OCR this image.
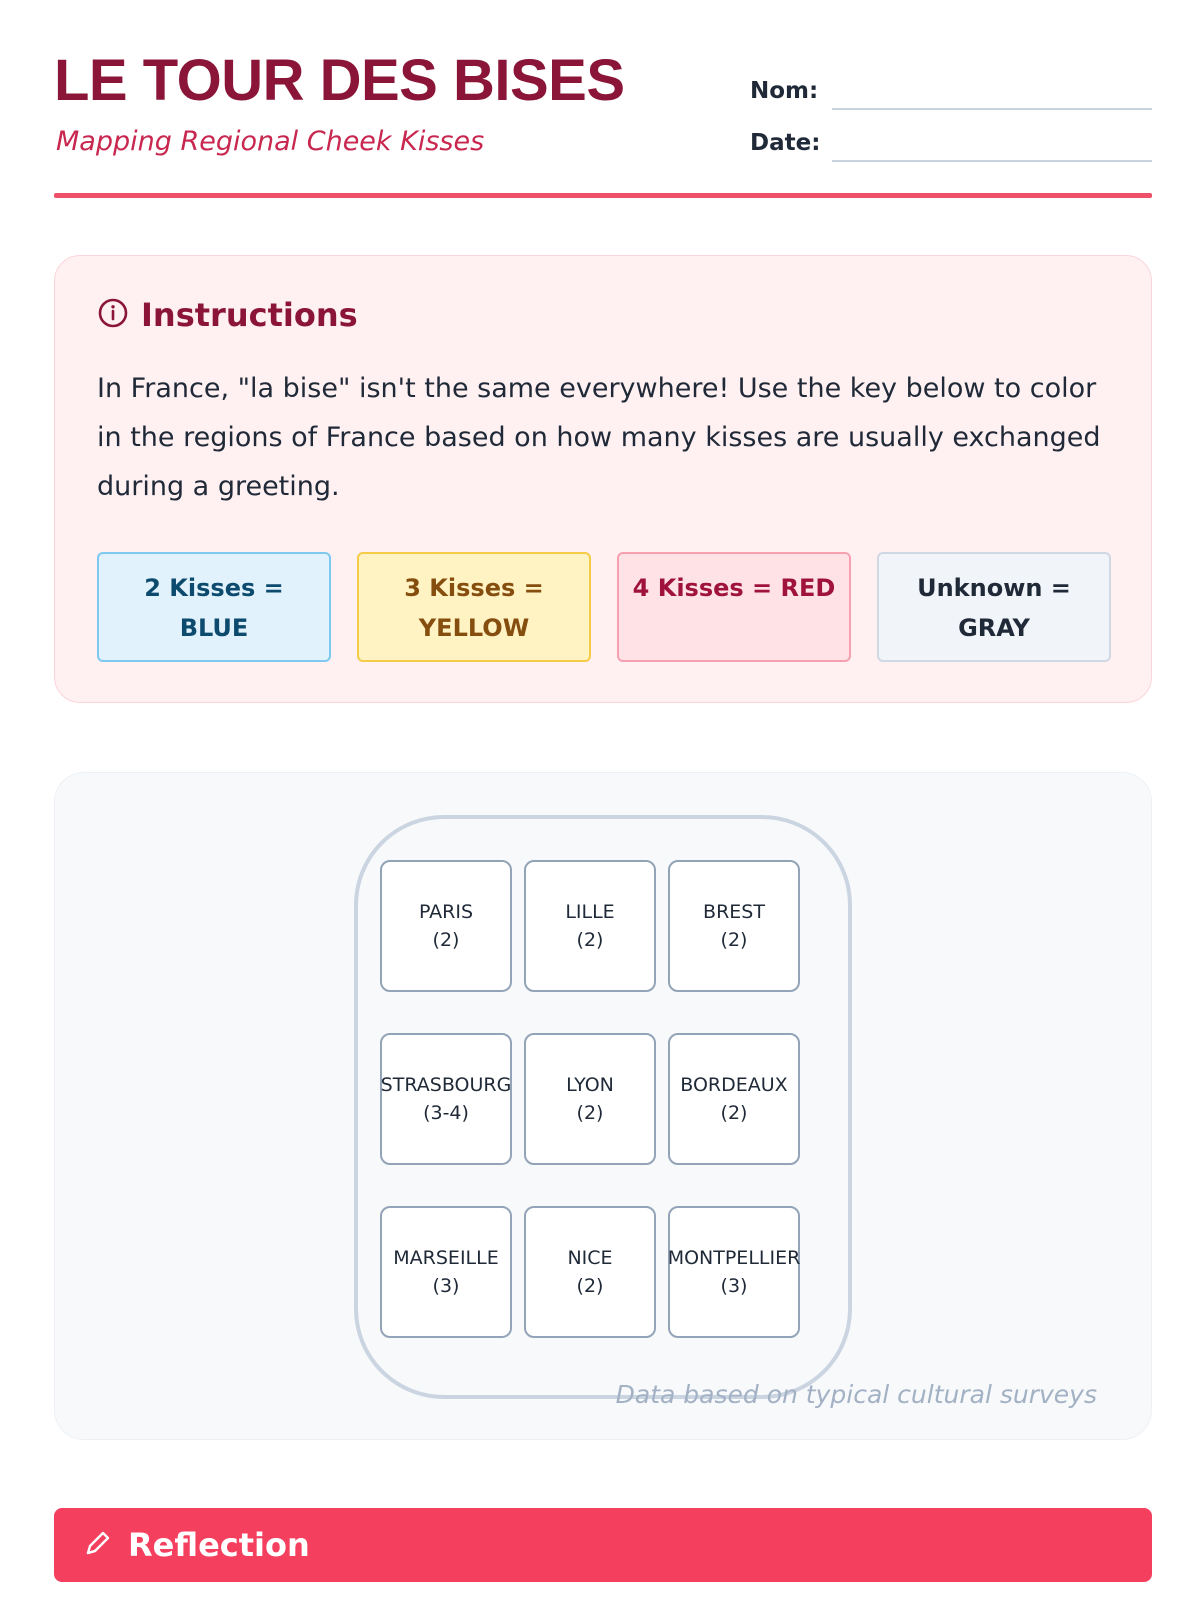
LE TOUR DES BISES
Mapping Regional Cheek Kisses
Nom:
Date:
Instructions

In France, "la bise" isn't the same everywhere! Use the key below to color in the regions of France based on how many kisses are usually exchanged during a greeting.

2 Kisses = BLUE
3 Kisses = YELLOW
4 Kisses = RED	Unknown = GRAY
PARIS
(2)
LILLE
(2)
BREST
(2)
STRASBOURG
(3-4)
LYON
(2)
BORDEAUX
(2)
MARSEILLE
(3)
NICE
(2)
MONTPELLIER
(3)
Data based on typical cultural surveys
Reflection
